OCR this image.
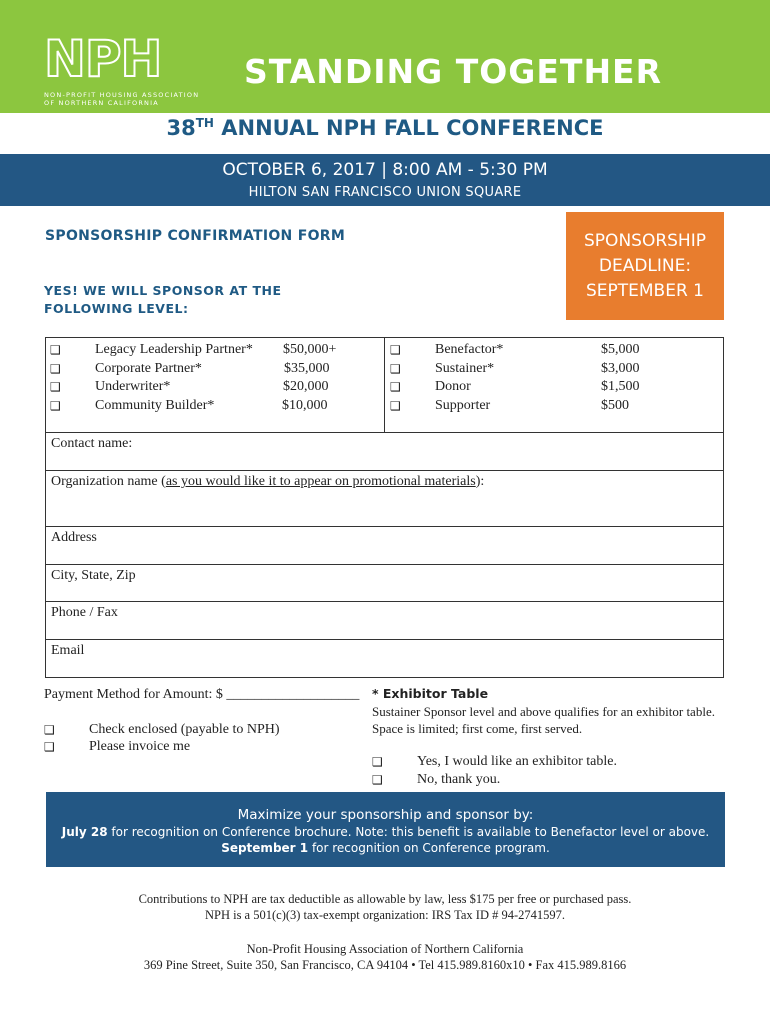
NPH
NON-PROFIT HOUSING ASSOCIATION
OF NORTHERN CALIFORNIA
STANDING TOGETHER
38TH ANNUAL NPH FALL CONFERENCE
OCTOBER 6, 2017 | 8:00 AM - 5:30 PM
HILTON SAN FRANCISCO UNION SQUARE
SPONSORSHIP CONFIRMATION FORM	SPONSORSHIP
DEADLINE:
SEPTEMBER 1
YES! WE WILL SPONSOR AT THE FOLLOWING LEVEL:
❑ Legacy Leadership Partner* $50,000+
❑ Corporate Partner*	$35,000
❑ Underwriter*	$20,000
❑ Community Builder*	$10,000
❑ Benefactor*	$5,000
❑ Sustainer*	$3,000
❑ Donor	$1,500
❑ Supporter	$500
Contact name:
Organization name (as you would like it to appear on promotional materials):
Address
City, State, Zip
Phone / Fax
Email
Payment Method for Amount: $ ___________________
❑ Check enclosed (payable to NPH)
❑ Please invoice me
* Exhibitor Table
Sustainer Sponsor level and above qualifies for an exhibitor table. Space is limited; first come, first served.
❑ Yes, I would like an exhibitor table.
❑ No, thank you.
Maximize your sponsorship and sponsor by:
July 28 for recognition on Conference brochure. Note: this benefit is available to Benefactor level or above.
September 1 for recognition on Conference program.
Contributions to NPH are tax deductible as allowable by law, less $175 per free or purchased pass.
NPH is a 501(c)(3) tax-exempt organization: IRS Tax ID # 94-2741597.
Non-Profit Housing Association of Northern California
369 Pine Street, Suite 350, San Francisco, CA 94104 • Tel 415.989.8160x10 • Fax 415.989.8166
